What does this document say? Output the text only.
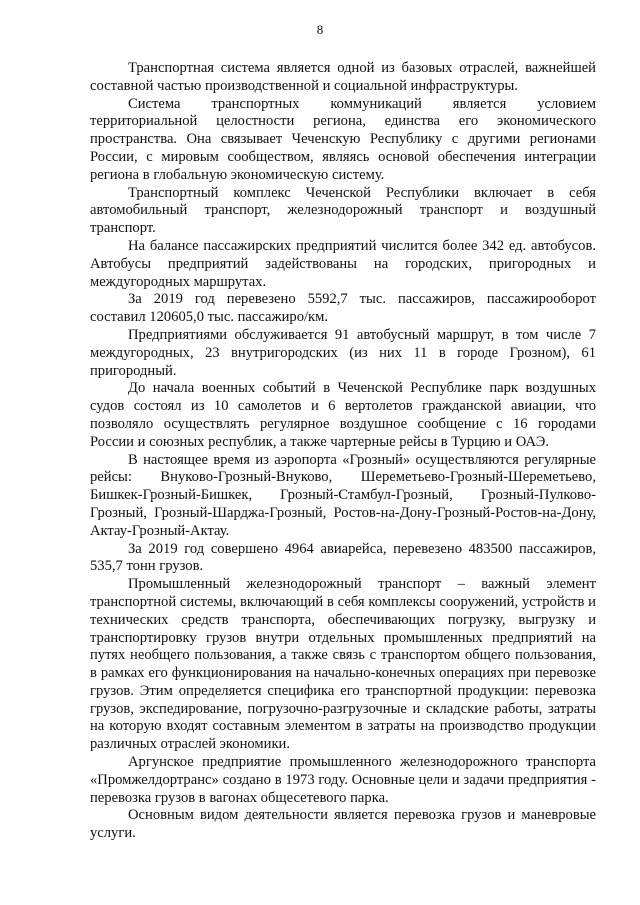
8

Транспортная система является одной из базовых отраслей, важнейшей составной частью производственной и социальной инфраструктуры.

Система транспортных коммуникаций является условием территориальной целостности региона, единства его экономического пространства. Она связывает Чеченскую Республику с другими регионами России, с мировым сообществом, являясь основой обеспечения интеграции региона в глобальную экономическую систему.

Транспортный комплекс Чеченской Республики включает в себя автомобильный транспорт, железнодорожный транспорт и воздушный транспорт.

На балансе пассажирских предприятий числится более 342 ед. автобусов. Автобусы предприятий задействованы на городских, пригородных и междугородных маршрутах.

За 2019 год перевезено 5592,7 тыс. пассажиров, пассажирооборот составил 120605,0 тыс. пассажиро/км.

Предприятиями обслуживается 91 автобусный маршрут, в том числе 7 междугородных, 23 внутригородских (из них 11 в городе Грозном), 61 пригородный.

До начала военных событий в Чеченской Республике парк воздушных судов состоял из 10 самолетов и 6 вертолетов гражданской авиации, что позволяло осуществлять регулярное воздушное сообщение с 16 городами России и союзных республик, а также чартерные рейсы в Турцию и ОАЭ.

В настоящее время из аэропорта «Грозный» осуществляются регулярные рейсы: Внуково-Грозный-Внуково, Шереметьево-Грозный-Шереметьево, Бишкек-Грозный-Бишкек, Грозный-Стамбул-Грозный, Грозный-Пулково-Грозный, Грозный-Шарджа-Грозный, Ростов-на-Дону-Грозный-Ростов-на-Дону, Актау-Грозный-Актау.

За 2019 год совершено 4964 авиарейса, перевезено 483500 пассажиров, 535,7 тонн грузов.

Промышленный железнодорожный транспорт – важный элемент транспортной системы, включающий в себя комплексы сооружений, устройств и технических средств транспорта, обеспечивающих погрузку, выгрузку и транспортировку грузов внутри отдельных промышленных предприятий на путях необщего пользования, а также связь с транспортом общего пользования, в рамках его функционирования на начально-конечных операциях при перевозке грузов. Этим определяется специфика его транспортной продукции: перевозка грузов, экспедирование, погрузочно-разгрузочные и складские работы, затраты на которую входят составным элементом в затраты на производство продукции различных отраслей экономики.

Аргунское предприятие промышленного железнодорожного транспорта «Промжелдортранс» создано в 1973 году. Основные цели и задачи предприятия - перевозка грузов в вагонах общесетевого парка.

Основным видом деятельности является перевозка грузов и маневровые услуги.
